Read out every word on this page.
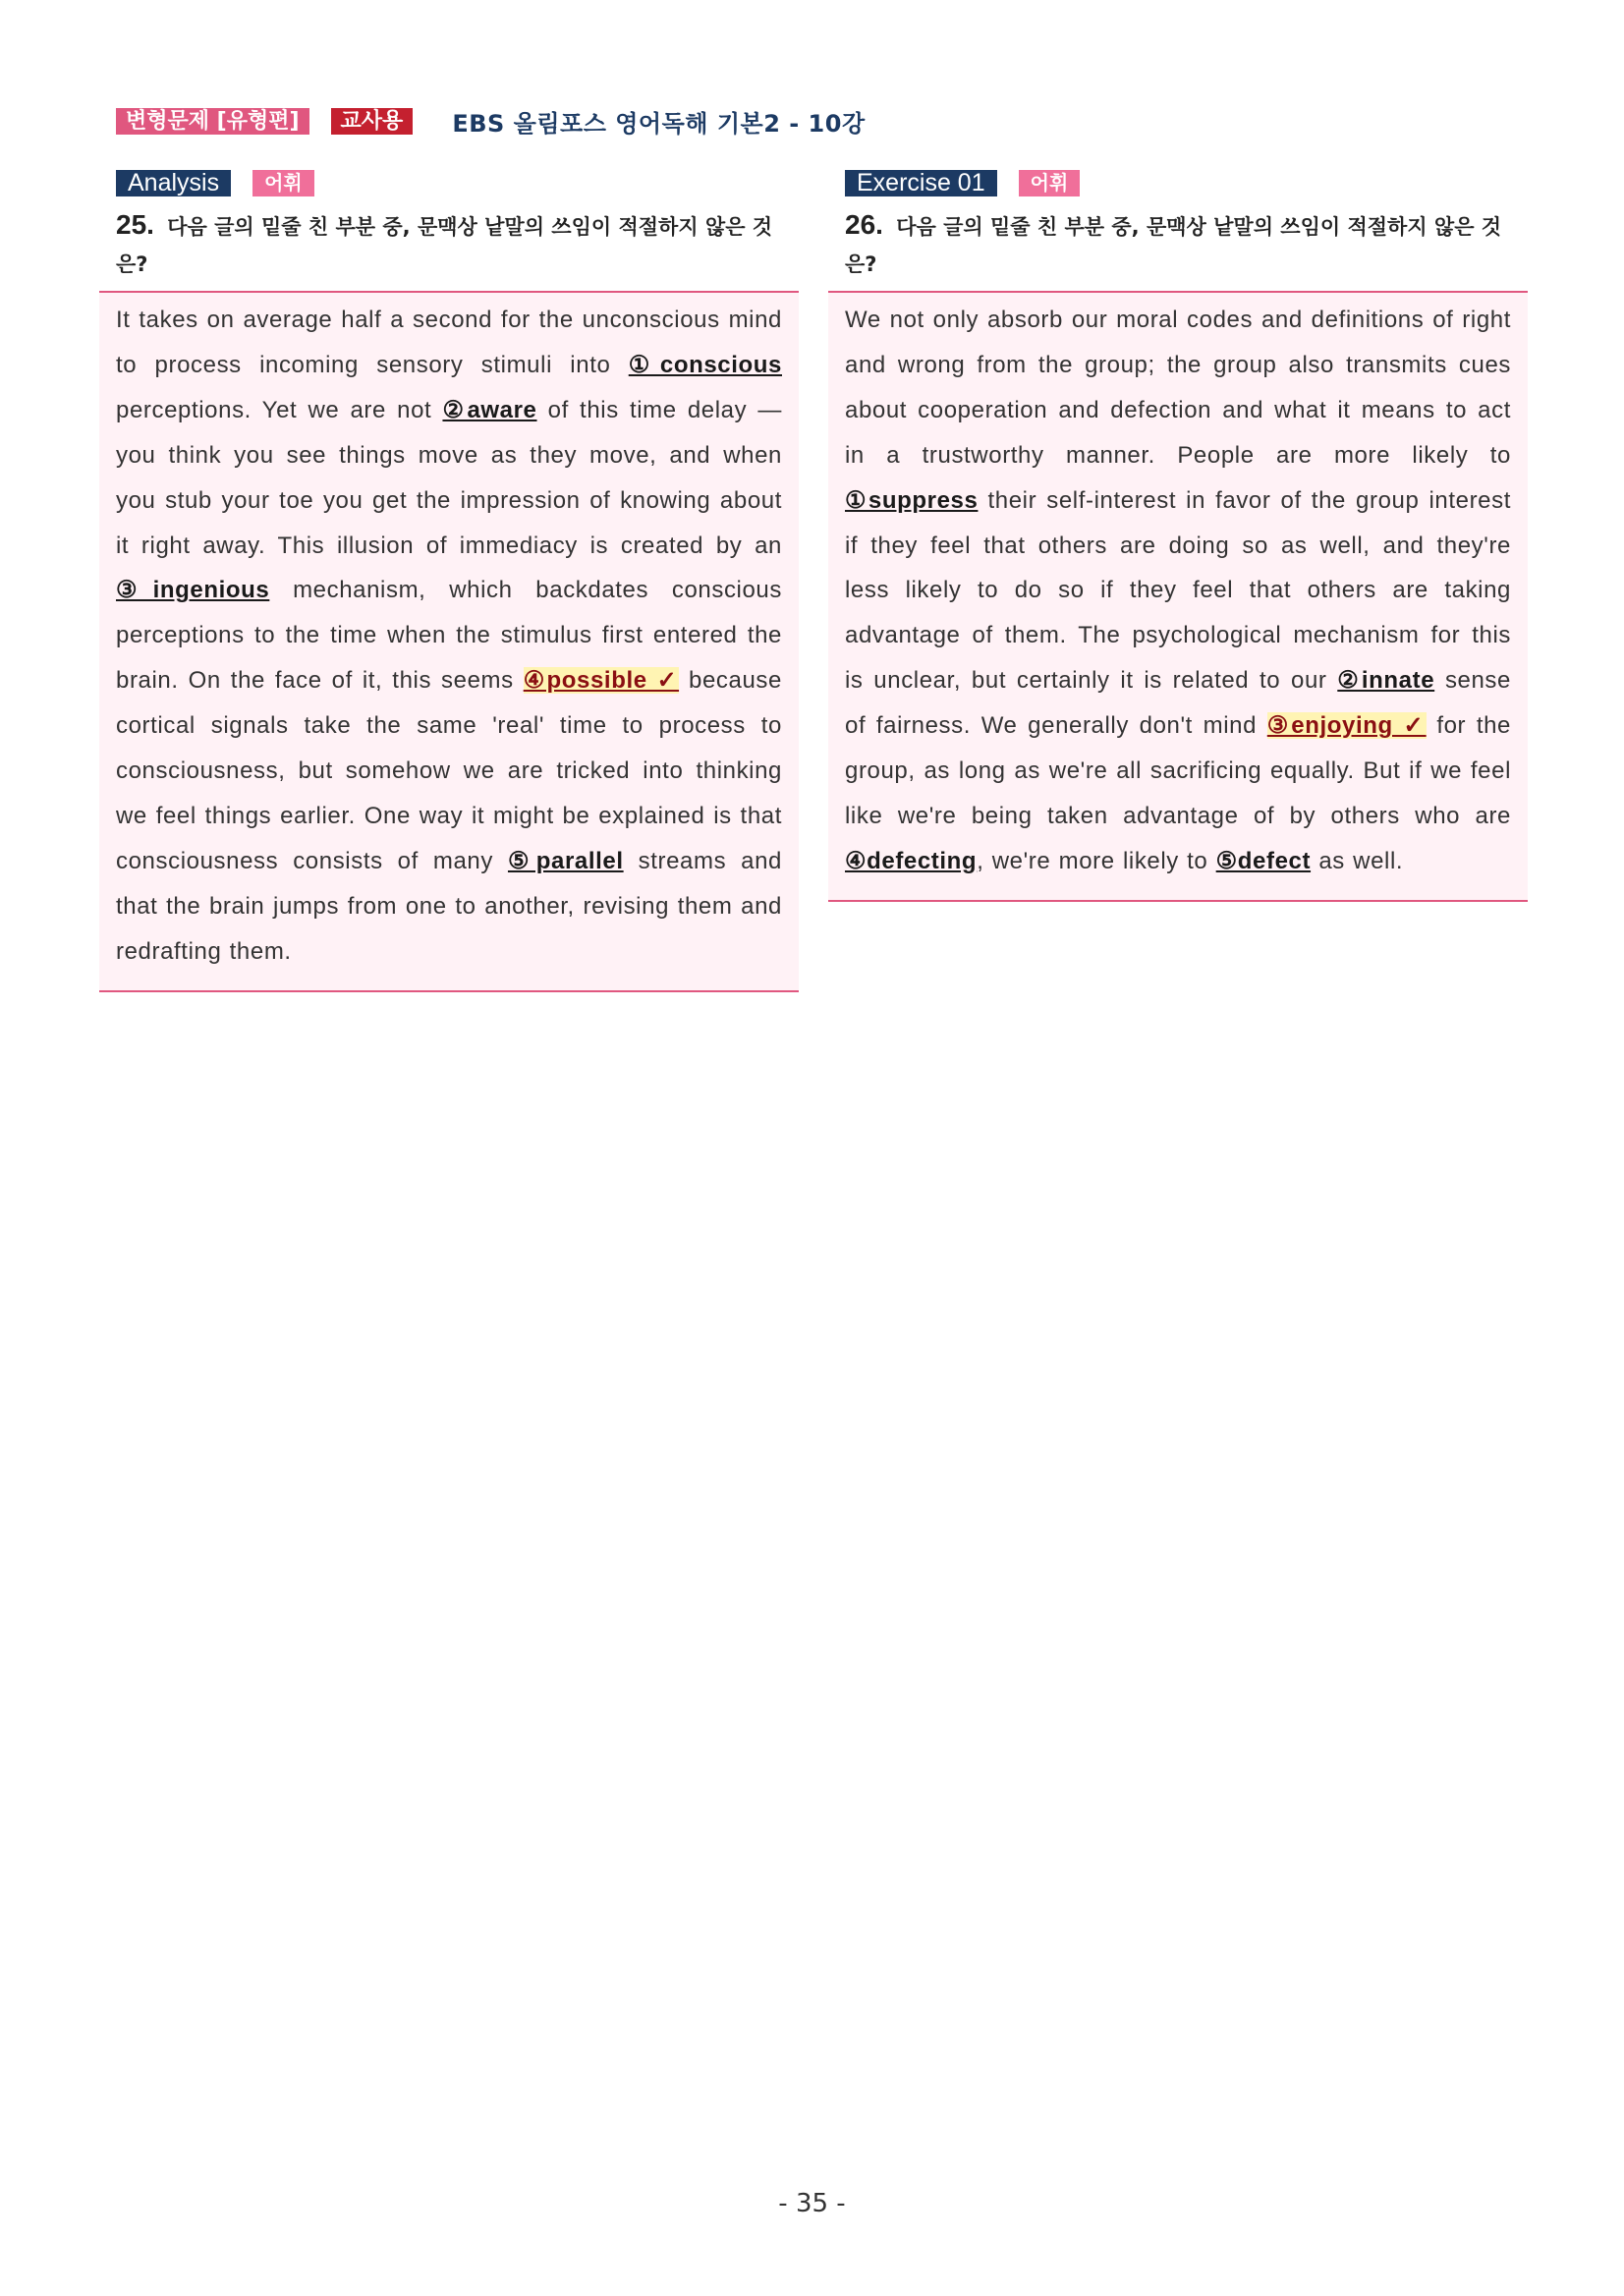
변형문제 [유형편]	교사용	EBS 올림포스 영어독해 기본2 - 10강
Analysis	어휘
25. 다음 글의 밑줄 친 부분 중, 문맥상 낱말의 쓰임이 적절하지 않은 것은?

It takes on average half a second for the unconscious mind to process incoming sensory stimuli into ①conscious perceptions. Yet we are not ②aware of this time delay — you think you see things move as they move, and when you stub your toe you get the impression of knowing about it right away. This illusion of immediacy is created by an ③ingenious mechanism, which backdates conscious perceptions to the time when the stimulus first entered the brain. On the face of it, this seems ④possible ✓ because cortical signals take the same 'real' time to process to consciousness, but somehow we are tricked into thinking we feel things earlier. One way it might be explained is that consciousness consists of many ⑤parallel streams and that the brain jumps from one to another, revising them and redrafting them.

Exercise 01	어휘
26. 다음 글의 밑줄 친 부분 중, 문맥상 낱말의 쓰임이 적절하지 않은 것은?

We not only absorb our moral codes and definitions of right and wrong from the group; the group also transmits cues about cooperation and defection and what it means to act in a trustworthy manner. People are more likely to ①suppress their self-interest in favor of the group interest if they feel that others are doing so as well, and they're less likely to do so if they feel that others are taking advantage of them. The psychological mechanism for this is unclear, but certainly it is related to our ②innate sense of fairness. We generally don't mind ③enjoying ✓ for the group, as long as we're all sacrificing equally. But if we feel like we're being taken advantage of by others who are ④defecting, we're more likely to ⑤defect as well.

- 35 -
